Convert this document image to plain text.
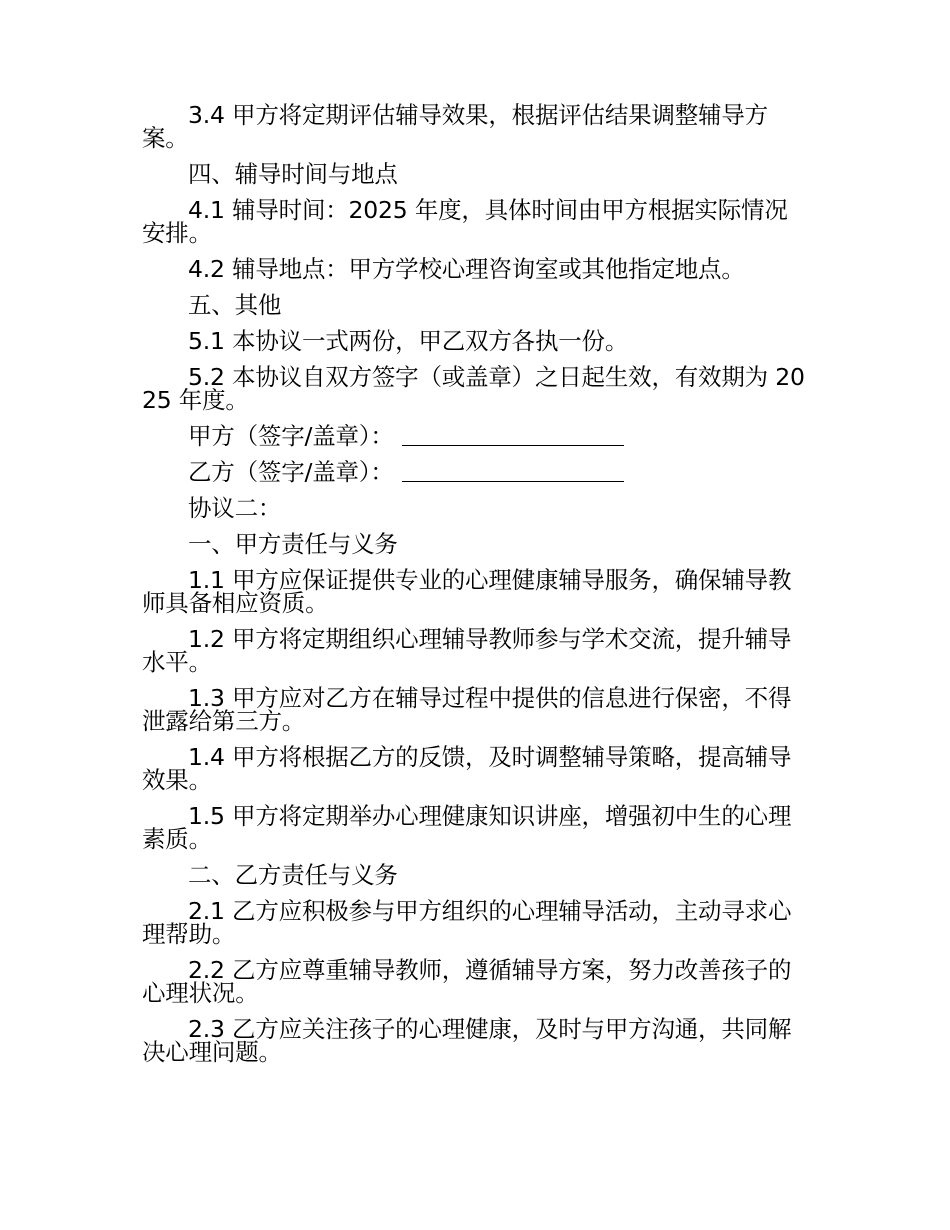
3.4 甲方将定期评估辅导效果，根据评估结果调整辅导方案。

四、辅导时间与地点

4.1 辅导时间：2025 年度，具体时间由甲方根据实际情况安排。

4.2 辅导地点：甲方学校心理咨询室或其他指定地点。

五、其他

5.1 本协议一式两份，甲乙双方各执一份。

5.2 本协议自双方签字（或盖章）之日起生效，有效期为 2025 年度。

甲方（签字/盖章）：

乙方（签字/盖章）：

协议二：

一、甲方责任与义务

1.1 甲方应保证提供专业的心理健康辅导服务，确保辅导教师具备相应资质。

1.2 甲方将定期组织心理辅导教师参与学术交流，提升辅导水平。

1.3 甲方应对乙方在辅导过程中提供的信息进行保密，不得泄露给第三方。

1.4 甲方将根据乙方的反馈，及时调整辅导策略，提高辅导效果。

1.5 甲方将定期举办心理健康知识讲座，增强初中生的心理素质。

二、乙方责任与义务

2.1 乙方应积极参与甲方组织的心理辅导活动，主动寻求心理帮助。

2.2 乙方应尊重辅导教师，遵循辅导方案，努力改善孩子的心理状况。

2.3 乙方应关注孩子的心理健康，及时与甲方沟通，共同解决心理问题。
